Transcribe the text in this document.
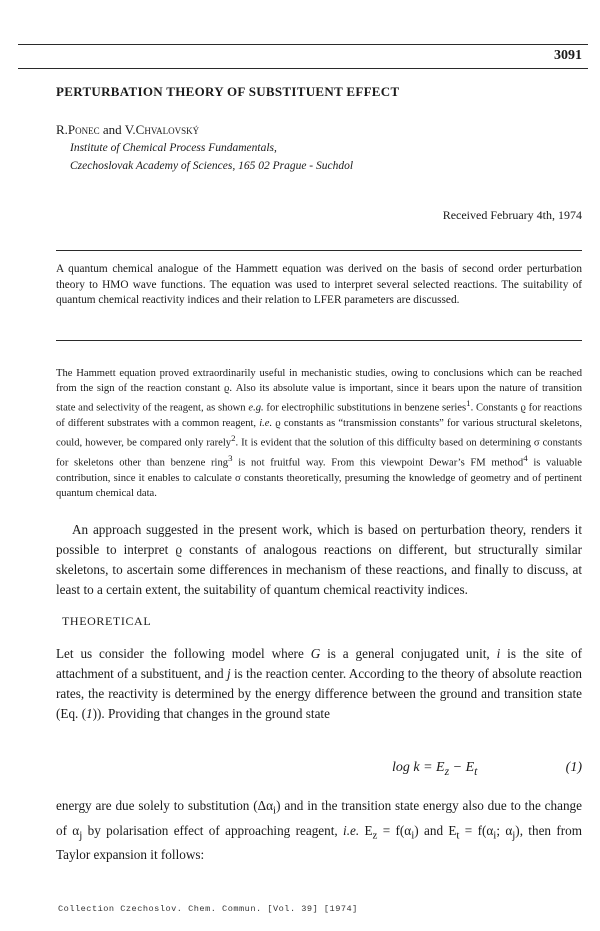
3091
PERTURBATION THEORY OF SUBSTITUENT EFFECT
R.Ponec and V.Chvalovský
Institute of Chemical Process Fundamentals,
Czechoslovak Academy of Sciences, 165 02 Prague - Suchdol
Received February 4th, 1974

A quantum chemical analogue of the Hammett equation was derived on the basis of second order perturbation theory to HMO wave functions. The equation was used to interpret several selected reactions. The suitability of quantum chemical reactivity indices and their relation to LFER parameters are discussed.

The Hammett equation proved extraordinarily useful in mechanistic studies, owing to conclusions which can be reached from the sign of the reaction constant ϱ. Also its absolute value is important, since it bears upon the nature of transition state and selectivity of the reagent, as shown e.g. for electrophilic substitutions in benzene series$^1$. Constants ϱ for reactions of different substrates with a common reagent, i.e. ϱ constants as “transmission constants” for various structural skeletons, could, however, be compared only rarely$^2$. It is evident that the solution of this difficulty based on determining σ constants for skeletons other than benzene ring$^3$ is not fruitful way. From this viewpoint Dewar’s FM method$^4$ is valuable contribution, since it enables to calculate σ constants theoretically, presuming the knowledge of geometry and of pertinent quantum chemical data.

An approach suggested in the present work, which is based on perturbation theory, renders it possible to interpret ϱ constants of analogous reactions on different, but structurally similar skeletons, to ascertain some differences in mechanism of these reactions, and finally to discuss, at least to a certain extent, the suitability of quantum chemical reactivity indices.

THEORETICAL

Let us consider the following model where G is a general conjugated unit, i is the site of attachment of a substituent, and j is the reaction center. According to the theory of absolute reaction rates, the reactivity is determined by the energy difference between the ground and transition state (Eq. (1)). Providing that changes in the ground state

$\log k = E_z - E_t$	(1)

energy are due solely to substitution $(\Delta\alpha_i)$ and in the transition state energy also due to the change of $\alpha_j$ by polarisation effect of approaching reagent, i.e. $E_z = f(\alpha_i)$ and $E_t = f(\alpha_i$; $\alpha_j$), then from Taylor expansion it follows:

Collection Czechoslov. Chem. Commun. [Vol. 39] [1974]
